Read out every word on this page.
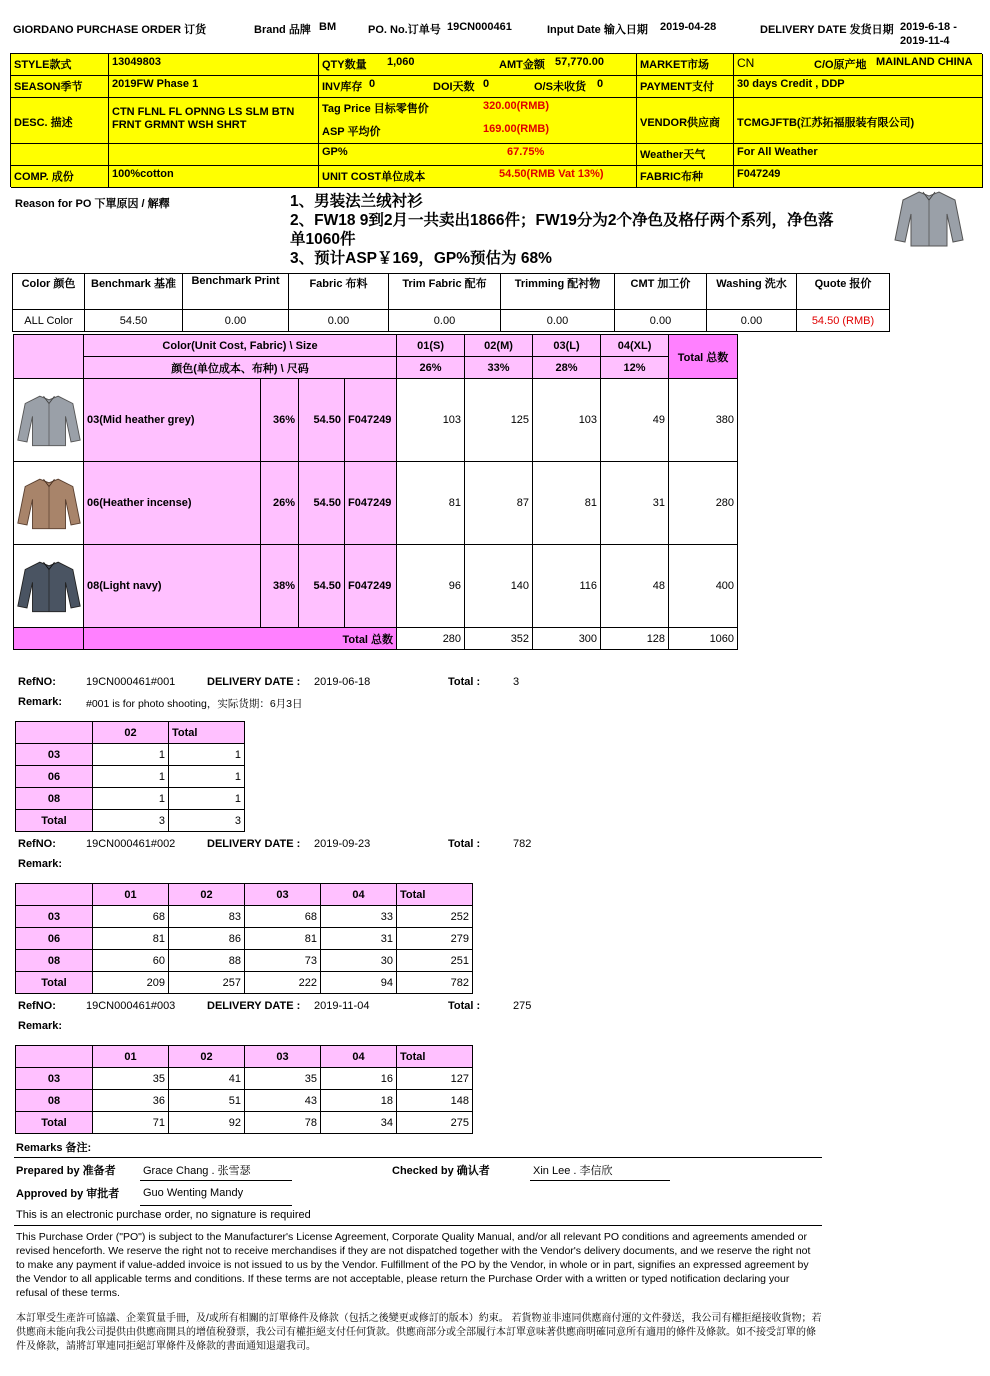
GIORDANO PURCHASE ORDER 订货	Brand 品牌 BM	PO. No.订单号 19CN000461	Input Date 输入日期 2019-04-28	DELIVERY DATE 发货日期 2019-6-18 -
2019-11-4
STYLE款式	13049803
SEASON季节	2019FW Phase 1
DESC. 描述
CTN FLNL FL OPNNG LS SLM BTN
FRNT GRMNT WSH SHRT
COMP. 成份	100%cotton
QTY数量 1,060	AMT金额 57,770.00
INV库存 0	DOI天数 0	O/S未收货 0
Tag Price 目标零售价	320.00(RMB)
ASP 平均价	169.00(RMB)
GP%	67.75%
UNIT COST单位成本	54.50(RMB Vat 13%)
MARKET市场	CN	C/O原产地 MAINLAND CHINA
PAYMENT支付	30 days Credit , DDP
VENDOR供应商	TCMGJFTB(江苏拓福服装有限公司)
Weather天气	For All Weather
FABRIC布种	F047249
Reason for PO 下單原因 / 解釋	1、男装法兰绒衬衫
2、FW18 9到2月一共卖出1866件；FW19分为2个净色及格仔两个系列，净色落
单1060件
3、预计ASP￥169，GP%预估为 68%
Color 颜色	Benchmark 基准	Benchmark Print	Fabric 布料	Trim Fabric 配布	Trimming 配衬物	CMT 加工价	Washing 洗水	Quote 报价
ALL Color	54.50	0.00	0.00	0.00	0.00	0.00	0.00	54.50 (RMB)
	Color(Unit Cost, Fabric) \ Size				01(S)	02(M)	03(L)	04(XL)	Total 总数
	颜色(单位成本、布种) \ 尺码				26%	33%	28%	12%	

	03(Mid heather grey)	36%	54.50	F047249	103	125	103	49	380

	06(Heather incense)	26%	54.50	F047249	81	87	81	31	280

	08(Light navy)	38%	54.50	F047249	96	140	116	48	400
	Total 总数				280	352	300	128	1060
RefNO:	19CN000461#001	DELIVERY DATE : 2019-06-18	Total :	3
Remark: #001 is for photo shooting，实际货期：6月3日
	02	Total
03	1	1
06	1	1
08	1	1
Total	3	3
RefNO:	19CN000461#002	DELIVERY DATE : 2019-09-23	Total :	782
Remark:
	01	02	03	04	Total
03	68	83	68	33	252
06	81	86	81	31	279
08	60	88	73	30	251
Total	209	257	222	94	782
RefNO:	19CN000461#003	DELIVERY DATE : 2019-11-04	Total :	275
Remark:
	01	02	03	04	Total
03	35	41	35	16	127
08	36	51	43	18	148
Total	71	92	78	34	275
Remarks 备注:
Prepared by 准备者 Grace Chang . 张雪瑟	Checked by 确认者	Xin Lee . 李信欣
Approved by 审批者 Guo Wenting Mandy
This is an electronic purchase order, no signature is required
This Purchase Order ("PO") is subject to the Manufacturer's License Agreement, Corporate Quality Manual, and/or all relevant PO conditions and agreements amended or revised henceforth. We reserve the right not to receive merchandises if they are not dispatched together with the Vendor's delivery documents, and we reserve the right not to make any payment if value-added invoice is not issued to us by the Vendor. Fulfillment of the PO by the Vendor, in whole or in part, signifies an expressed agreement by the Vendor to all applicable terms and conditions. If these terms are not acceptable, please return the Purchase Order with a written or typed notification declaring your refusal of these terms.
本訂單受生產許可協議、企業質量手冊，及/或所有相關的訂單條件及條款（包括之後變更或修訂的版本）約束。 若貨物並非連同供應商付運的文件發送，我公司有權拒絕接收貨物；若供應商未能向我公司提供由供應商開具的增值稅發票，我公司有權拒絕支付任何貨款。供應商部分或全部履行本訂單意味著供應商明確同意所有適用的條件及條款。如不接受訂單的條件及條款，請將訂單連同拒絕訂單條件及條款的書面通知退還我司。
